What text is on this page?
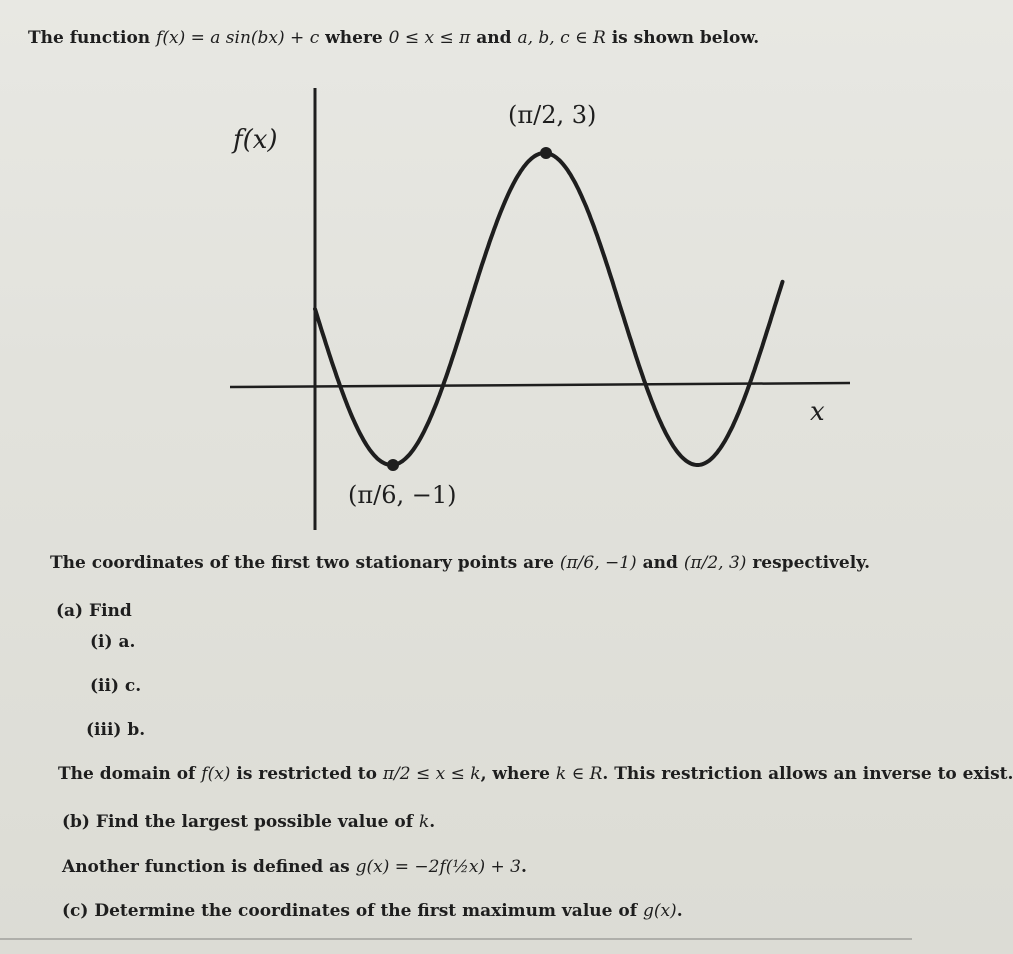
The function f(x) = a sin(bx) + c where 0 ≤ x ≤ π and a, b, c ∈ R is shown below.
f(x)
x
(π/2, 3)
(π/6, −1)
The coordinates of the first two stationary points are (π/6, −1) and (π/2, 3) respectively.
(a) Find
(i) a.
(ii) c.
(iii) b.
The domain of f(x) is restricted to π/2 ≤ x ≤ k, where k ∈ R. This restriction allows an inverse to exist.
(b) Find the largest possible value of k.
Another function is defined as g(x) = −2f(½x) + 3.
(c) Determine the coordinates of the first maximum value of g(x).
